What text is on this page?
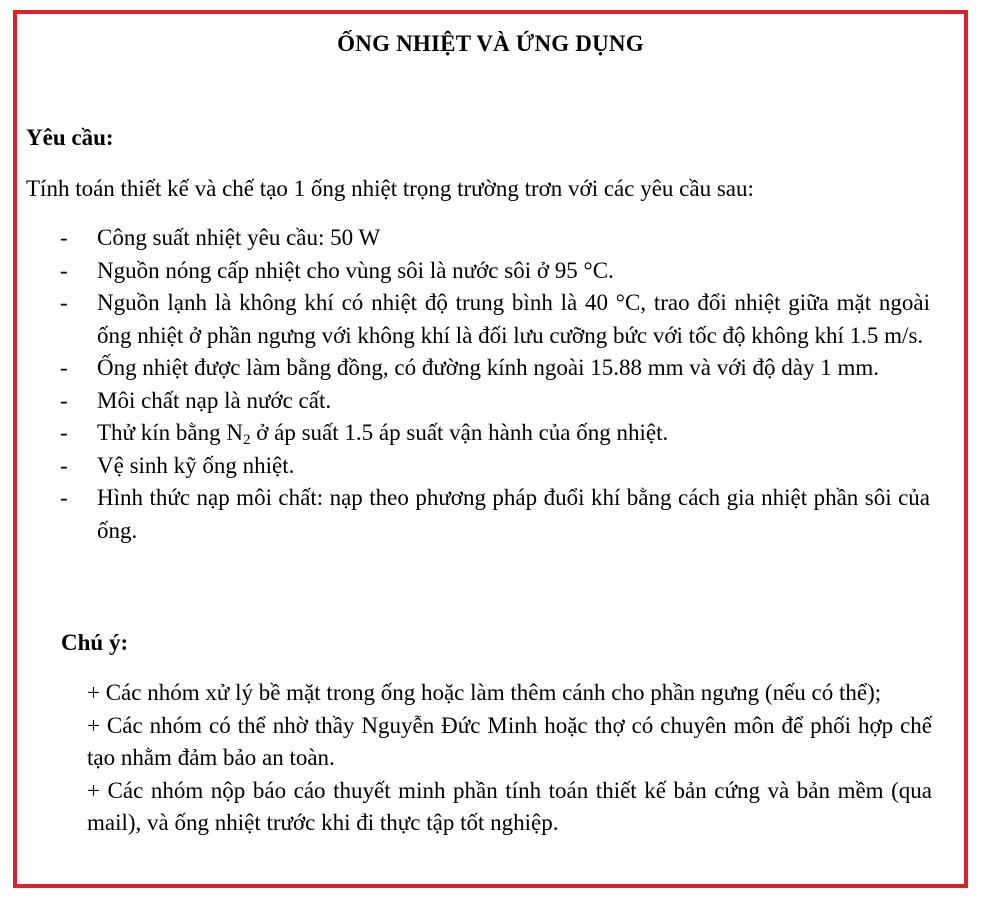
ỐNG NHIỆT VÀ ỨNG DỤNG
Yêu cầu:
Tính toán thiết kế và chế tạo 1 ống nhiệt trọng trường trơn với các yêu cầu sau:
- Công suất nhiệt yêu cầu: 50 W
- Nguồn nóng cấp nhiệt cho vùng sôi là nước sôi ở 95 °C.
- Nguồn lạnh là không khí có nhiệt độ trung bình là 40 °C, trao đổi nhiệt giữa mặt ngoài ống nhiệt ở phần ngưng với không khí là đối lưu cưỡng bức với tốc độ không khí 1.5 m/s.
- Ống nhiệt được làm bằng đồng, có đường kính ngoài 15.88 mm và với độ dày 1 mm.
- Môi chất nạp là nước cất.
- Thử kín bằng $N_2$ ở áp suất 1.5 áp suất vận hành của ống nhiệt.
- Vệ sinh kỹ ống nhiệt.
- Hình thức nạp môi chất: nạp theo phương pháp đuổi khí bằng cách gia nhiệt phần sôi của ống.
Chú ý:
+ Các nhóm xử lý bề mặt trong ống hoặc làm thêm cánh cho phần ngưng (nếu có thể);
+ Các nhóm có thể nhờ thầy Nguyễn Đức Minh hoặc thợ có chuyên môn để phối hợp chế tạo nhằm đảm bảo an toàn.
+ Các nhóm nộp báo cáo thuyết minh phần tính toán thiết kế bản cứng và bản mềm (qua mail), và ống nhiệt trước khi đi thực tập tốt nghiệp.
